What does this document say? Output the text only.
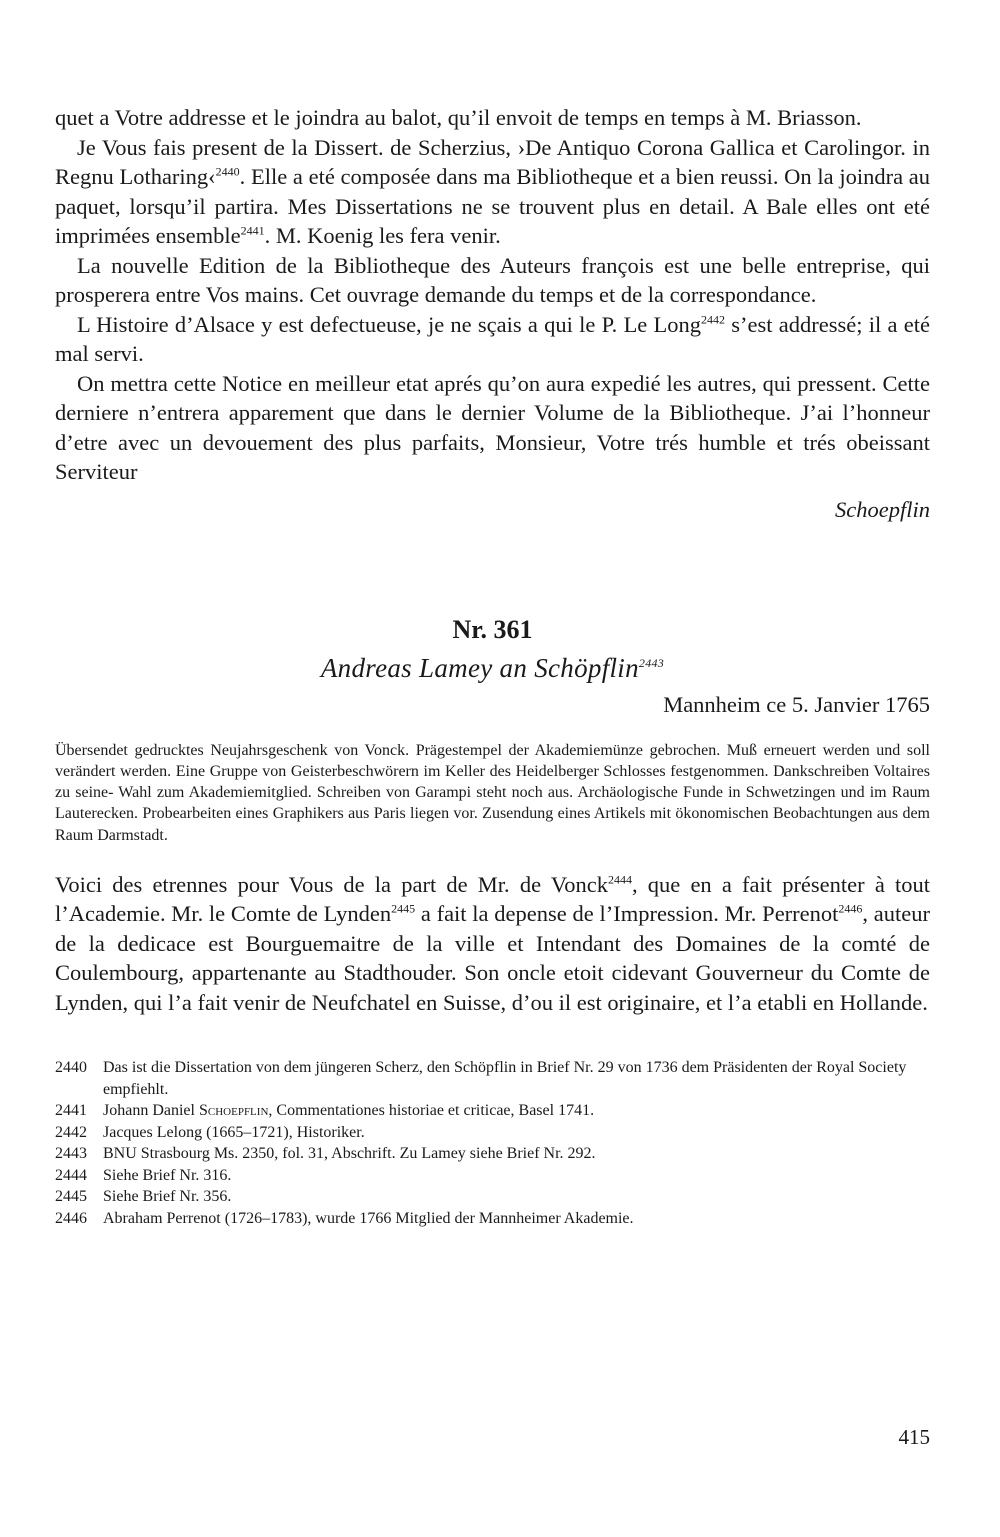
quet a Votre addresse et le joindra au balot, qu’il envoit de temps en temps à M. Briasson.

Je Vous fais present de la Dissert. de Scherzius, ›De Antiquo Corona Gallica et Carolingor. in Regnu Lotharing‹$^{2440}$. Elle a eté composée dans ma Bibliotheque et a bien reussi. On la joindra au paquet, lorsqu’il partira. Mes Dissertations ne se trouvent plus en detail. A Bale elles ont eté imprimées ensemble$^{2441}$. M. Koenig les fera venir.

La nouvelle Edition de la Bibliotheque des Auteurs françois est une belle entreprise, qui prosperera entre Vos mains. Cet ouvrage demande du temps et de la correspondance.

L Histoire d’Alsace y est defectueuse, je ne sçais a qui le P. Le Long$^{2442}$ s’est addressé; il a eté mal servi.

On mettra cette Notice en meilleur etat aprés qu’on aura expedié les autres, qui pressent. Cette derniere n’entrera apparement que dans le dernier Volume de la Bibliotheque. J’ai l’honneur d’etre avec un devouement des plus parfaits, Monsieur, Votre trés humble et trés obeissant Serviteur

Schoepflin
Nr. 361
Andreas Lamey an Schöpflin$^{2443}$
Mannheim ce 5. Janvier 1765
Übersendet gedrucktes Neujahrsgeschenk von Vonck. Prägestempel der Akademiemünze gebrochen. Muß erneuert werden und soll verändert werden. Eine Gruppe von Geisterbeschwörern im Keller des Heidelberger Schlosses festgenommen. Dankschreiben Voltaires zu seine- Wahl zum Akademiemitglied. Schreiben von Garampi steht noch aus. Archäologische Funde in Schwetzingen und im Raum Lauterecken. Probearbeiten eines Graphikers aus Paris liegen vor. Zusendung eines Artikels mit ökonomischen Beobachtungen aus dem Raum Darmstadt.

Voici des etrennes pour Vous de la part de Mr. de Vonck$^{2444}$, que en a fait présenter à tout l’Academie. Mr. le Comte de Lynden$^{2445}$ a fait la depense de l’Impression. Mr. Perrenot$^{2446}$, auteur de la dedicace est Bourguemaitre de la ville et Intendant des Domaines de la comté de Coulembourg, appartenante au Stadthouder. Son oncle etoit cidevant Gouverneur du Comte de Lynden, qui l’a fait venir de Neufchatel en Suisse, d’ou il est originaire, et l’a etabli en Hollande.

2440	Das ist die Dissertation von dem jüngeren Scherz, den Schöpflin in Brief Nr. 29 von 1736 dem Präsidenten der Royal Society empfiehlt.
2441	Johann Daniel Schoepflin, Commentationes historiae et criticae, Basel 1741.
2442	Jacques Lelong (1665–1721), Historiker.
2443	BNU Strasbourg Ms. 2350, fol. 31, Abschrift. Zu Lamey siehe Brief Nr. 292.
2444	Siehe Brief Nr. 316.
2445	Siehe Brief Nr. 356.
2446	Abraham Perrenot (1726–1783), wurde 1766 Mitglied der Mannheimer Akademie.
415
